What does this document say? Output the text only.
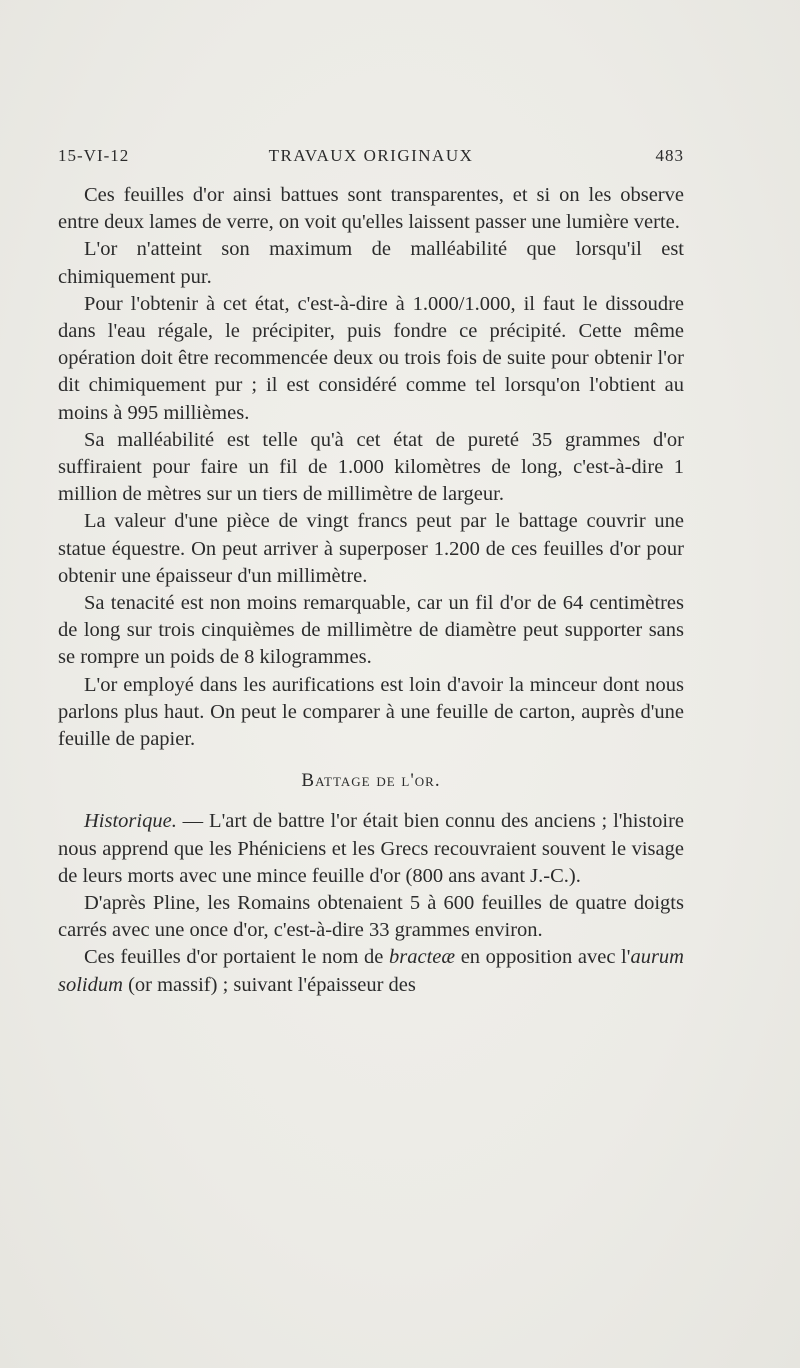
15-VI-12	TRAVAUX ORIGINAUX	483

Ces feuilles d'or ainsi battues sont transparentes, et si on les observe entre deux lames de verre, on voit qu'elles laissent passer une lumière verte.

L'or n'atteint son maximum de malléabilité que lorsqu'il est chimiquement pur.

Pour l'obtenir à cet état, c'est-à-dire à 1.000/1.000, il faut le dissoudre dans l'eau régale, le précipiter, puis fondre ce précipité. Cette même opération doit être recommencée deux ou trois fois de suite pour obtenir l'or dit chimiquement pur ; il est considéré comme tel lorsqu'on l'obtient au moins à 995 millièmes.

Sa malléabilité est telle qu'à cet état de pureté 35 grammes d'or suffiraient pour faire un fil de 1.000 kilomètres de long, c'est-à-dire 1 million de mètres sur un tiers de millimètre de largeur.

La valeur d'une pièce de vingt francs peut par le battage couvrir une statue équestre. On peut arriver à superposer 1.200 de ces feuilles d'or pour obtenir une épaisseur d'un millimètre.

Sa tenacité est non moins remarquable, car un fil d'or de 64 centimètres de long sur trois cinquièmes de millimètre de diamètre peut supporter sans se rompre un poids de 8 kilogrammes.

L'or employé dans les aurifications est loin d'avoir la minceur dont nous parlons plus haut. On peut le comparer à une feuille de carton, auprès d'une feuille de papier.

Battage de l'or.

Historique. — L'art de battre l'or était bien connu des anciens ; l'histoire nous apprend que les Phéniciens et les Grecs recouvraient souvent le visage de leurs morts avec une mince feuille d'or (800 ans avant J.-C.).

D'après Pline, les Romains obtenaient 5 à 600 feuilles de quatre doigts carrés avec une once d'or, c'est-à-dire 33 grammes environ.

Ces feuilles d'or portaient le nom de bracteæ en opposition avec l'aurum solidum (or massif) ; suivant l'épaisseur des
